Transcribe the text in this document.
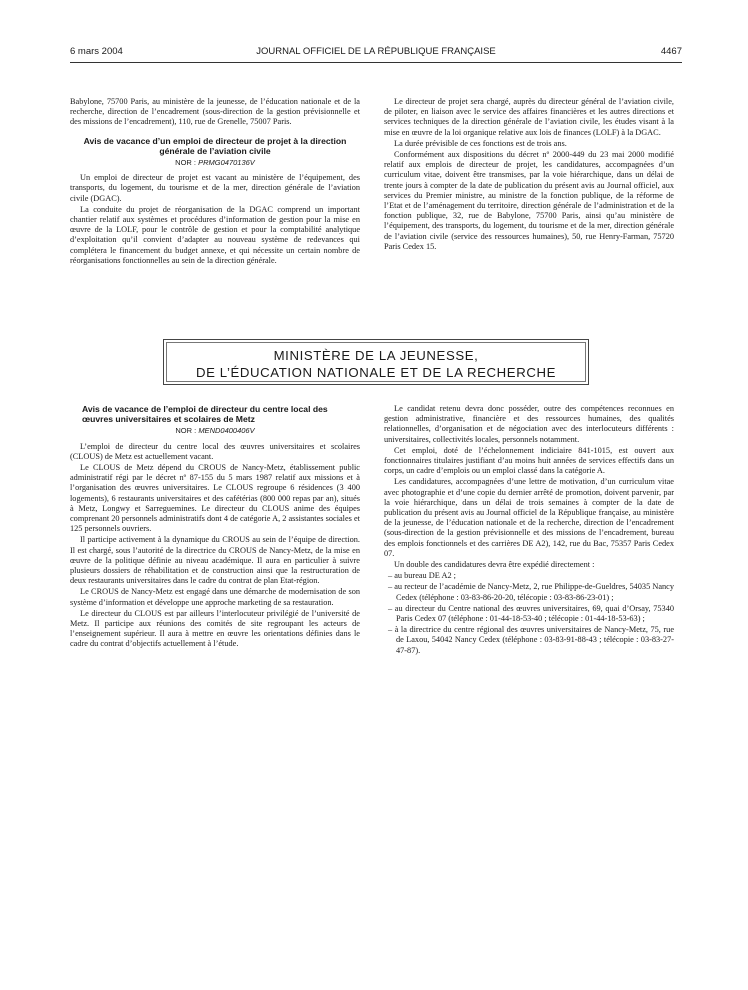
6 mars 2004	JOURNAL OFFICIEL DE LA RÉPUBLIQUE FRANÇAISE	4467

Babylone, 75700 Paris, au ministère de la jeunesse, de l’éducation nationale et de la recherche, direction de l’encadrement (sous-direction de la gestion prévisionnelle et des missions de l’encadrement), 110, rue de Grenelle, 75007 Paris.

Avis de vacance d’un emploi de directeur de projet à la direction générale de l’aviation civile
NOR : PRMG0470136V

Un emploi de directeur de projet est vacant au ministère de l’équipement, des transports, du logement, du tourisme et de la mer, direction générale de l’aviation civile (DGAC).

La conduite du projet de réorganisation de la DGAC comprend un important chantier relatif aux systèmes et procédures d’information de gestion pour la mise en œuvre de la LOLF, pour le contrôle de gestion et pour la comptabilité analytique d’exploitation qu’il convient d’adapter au nouveau système de redevances qui complétera le financement du budget annexe, et qui nécessite un certain nombre de réorganisations fonctionnelles au sein de la direction générale.

Le directeur de projet sera chargé, auprès du directeur général de l’aviation civile, de piloter, en liaison avec le service des affaires financières et les autres directions et services techniques de la direction générale de l’aviation civile, les études visant à la mise en œuvre de la loi organique relative aux lois de finances (LOLF) à la DGAC.

La durée prévisible de ces fonctions est de trois ans.

Conformément aux dispositions du décret nº 2000-449 du 23 mai 2000 modifié relatif aux emplois de directeur de projet, les candidatures, accompagnées d’un curriculum vitae, doivent être transmises, par la voie hiérarchique, dans un délai de trente jours à compter de la date de publication du présent avis au Journal officiel, aux services du Premier ministre, au ministre de la fonction publique, de la réforme de l’Etat et de l’aménagement du territoire, direction générale de l’administration et de la fonction publique, 32, rue de Babylone, 75700 Paris, ainsi qu’au ministère de l’équipement, des transports, du logement, du tourisme et de la mer, direction générale de l’aviation civile (service des ressources humaines), 50, rue Henry-Farman, 75720 Paris Cedex 15.

MINISTÈRE DE LA JEUNESSE,
DE L’ÉDUCATION NATIONALE ET DE LA RECHERCHE
Avis de vacance de l’emploi de directeur du centre local des œuvres universitaires et scolaires de Metz
NOR : MEND0400406V

L’emploi de directeur du centre local des œuvres universitaires et scolaires (CLOUS) de Metz est actuellement vacant.

Le CLOUS de Metz dépend du CROUS de Nancy-Metz, établissement public administratif régi par le décret nº 87-155 du 5 mars 1987 relatif aux missions et à l’organisation des œuvres universitaires. Le CLOUS regroupe 6 résidences (3 400 logements), 6 restaurants universitaires et des cafétérias (800 000 repas par an), situés à Metz, Longwy et Sarreguemines. Le directeur du CLOUS anime des équipes comprenant 20 personnels administratifs dont 4 de catégorie A, 2 assistantes sociales et 125 personnels ouvriers.

Il participe activement à la dynamique du CROUS au sein de l’équipe de direction. Il est chargé, sous l’autorité de la directrice du CROUS de Nancy-Metz, de la mise en œuvre de la politique définie au niveau académique. Il aura en particulier à suivre plusieurs dossiers de réhabilitation et de construction ainsi que la restructuration de deux restaurants universitaires dans le cadre du contrat de plan Etat-région.

Le CROUS de Nancy-Metz est engagé dans une démarche de modernisation de son système d’information et développe une approche marketing de sa restauration.

Le directeur du CLOUS est par ailleurs l’interlocuteur privilégié de l’université de Metz. Il participe aux réunions des comités de site regroupant les acteurs de l’enseignement supérieur. Il aura à mettre en œuvre les orientations définies dans le cadre du contrat d’objectifs actuellement à l’étude.

Le candidat retenu devra donc posséder, outre des compétences reconnues en gestion administrative, financière et des ressources humaines, des qualités relationnelles, d’organisation et de négociation avec des interlocuteurs différents : universitaires, collectivités locales, personnels notamment.

Cet emploi, doté de l’échelonnement indiciaire 841-1015, est ouvert aux fonctionnaires titulaires justifiant d’au moins huit années de services effectifs dans un corps, un cadre d’emplois ou un emploi classé dans la catégorie A.

Les candidatures, accompagnées d’une lettre de motivation, d’un curriculum vitae avec photographie et d’une copie du dernier arrêté de promotion, doivent parvenir, par la voie hiérarchique, dans un délai de trois semaines à compter de la date de publication du présent avis au Journal officiel de la République française, au ministère de la jeunesse, de l’éducation nationale et de la recherche, direction de l’encadrement (sous-direction de la gestion prévisionnelle et des missions de l’encadrement, bureau des emplois fonctionnels et des carrières DE A2), 142, rue du Bac, 75357 Paris Cedex 07.

Un double des candidatures devra être expédié directement :

– au bureau DE A2 ;
– au recteur de l’académie de Nancy-Metz, 2, rue Philippe-de-Gueldres, 54035 Nancy Cedex (téléphone : 03-83-86-20-20, télécopie : 03-83-86-23-01) ;
– au directeur du Centre national des œuvres universitaires, 69, quai d’Orsay, 75340 Paris Cedex 07 (téléphone : 01-44-18-53-40 ; télécopie : 01-44-18-53-63) ;
– à la directrice du centre régional des œuvres universitaires de Nancy-Metz, 75, rue de Laxou, 54042 Nancy Cedex (téléphone : 03-83-91-88-43 ; télécopie : 03-83-27-47-87).
